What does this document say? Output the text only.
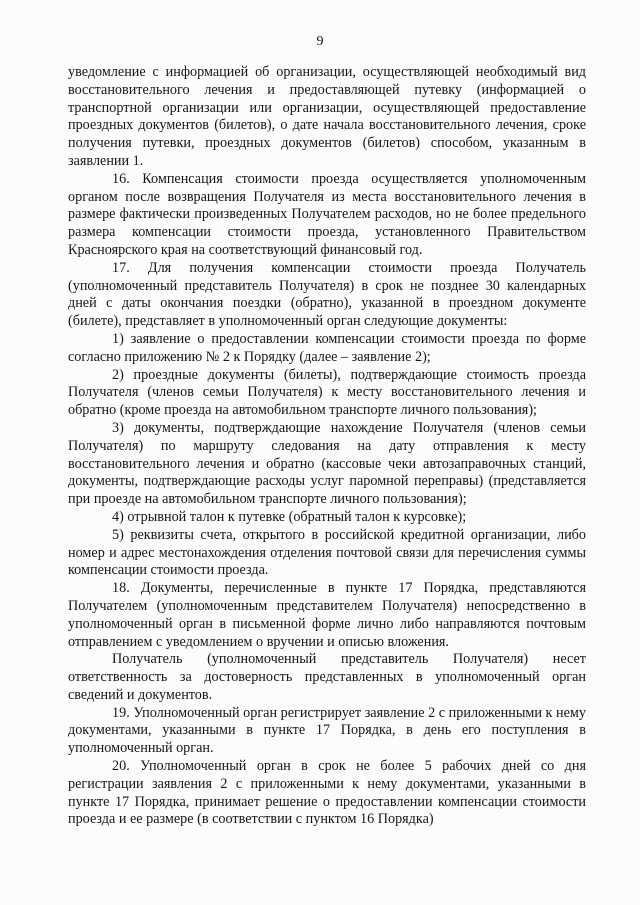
9

уведомление с информацией об организации, осуществляющей необходимый вид восстановительного лечения и предоставляющей путевку (информацией о транспортной организации или организации, осуществляющей предоставление проездных документов (билетов), о дате начала восстановительного лечения, сроке получения путевки, проездных документов (билетов) способом, указанным в заявлении 1.

16. Компенсация стоимости проезда осуществляется уполномоченным органом после возвращения Получателя из места восстановительного лечения в размере фактически произведенных Получателем расходов, но не более предельного размера компенсации стоимости проезда, установленного Правительством Красноярского края на соответствующий финансовый год.

17. Для получения компенсации стоимости проезда Получатель (уполномоченный представитель Получателя) в срок не позднее 30 календарных дней с даты окончания поездки (обратно), указанной в проездном документе (билете), представляет в уполномоченный орган следующие документы:

1) заявление о предоставлении компенсации стоимости проезда по форме согласно приложению № 2 к Порядку (далее – заявление 2);

2) проездные документы (билеты), подтверждающие стоимость проезда Получателя (членов семьи Получателя) к месту восстановительного лечения и обратно (кроме проезда на автомобильном транспорте личного пользования);

3) документы, подтверждающие нахождение Получателя (членов семьи Получателя) по маршруту следования на дату отправления к месту восстановительного лечения и обратно (кассовые чеки автозаправочных станций, документы, подтверждающие расходы услуг паромной переправы) (представляется при проезде на автомобильном транспорте личного пользования);

4) отрывной талон к путевке (обратный талон к курсовке);

5) реквизиты счета, открытого в российской кредитной организации, либо номер и адрес местонахождения отделения почтовой связи для перечисления суммы компенсации стоимости проезда.

18. Документы, перечисленные в пункте 17 Порядка, представляются Получателем (уполномоченным представителем Получателя) непосредственно в уполномоченный орган в письменной форме лично либо направляются почтовым отправлением с уведомлением о вручении и описью вложения.

Получатель (уполномоченный представитель Получателя) несет ответственность за достоверность представленных в уполномоченный орган сведений и документов.

19. Уполномоченный орган регистрирует заявление 2 с приложенными к нему документами, указанными в пункте 17 Порядка, в день его поступления в уполномоченный орган.

20. Уполномоченный орган в срок не более 5 рабочих дней со дня регистрации заявления 2 с приложенными к нему документами, указанными в пункте 17 Порядка, принимает решение о предоставлении компенсации стоимости проезда и ее размере (в соответствии с пунктом 16 Порядка)
